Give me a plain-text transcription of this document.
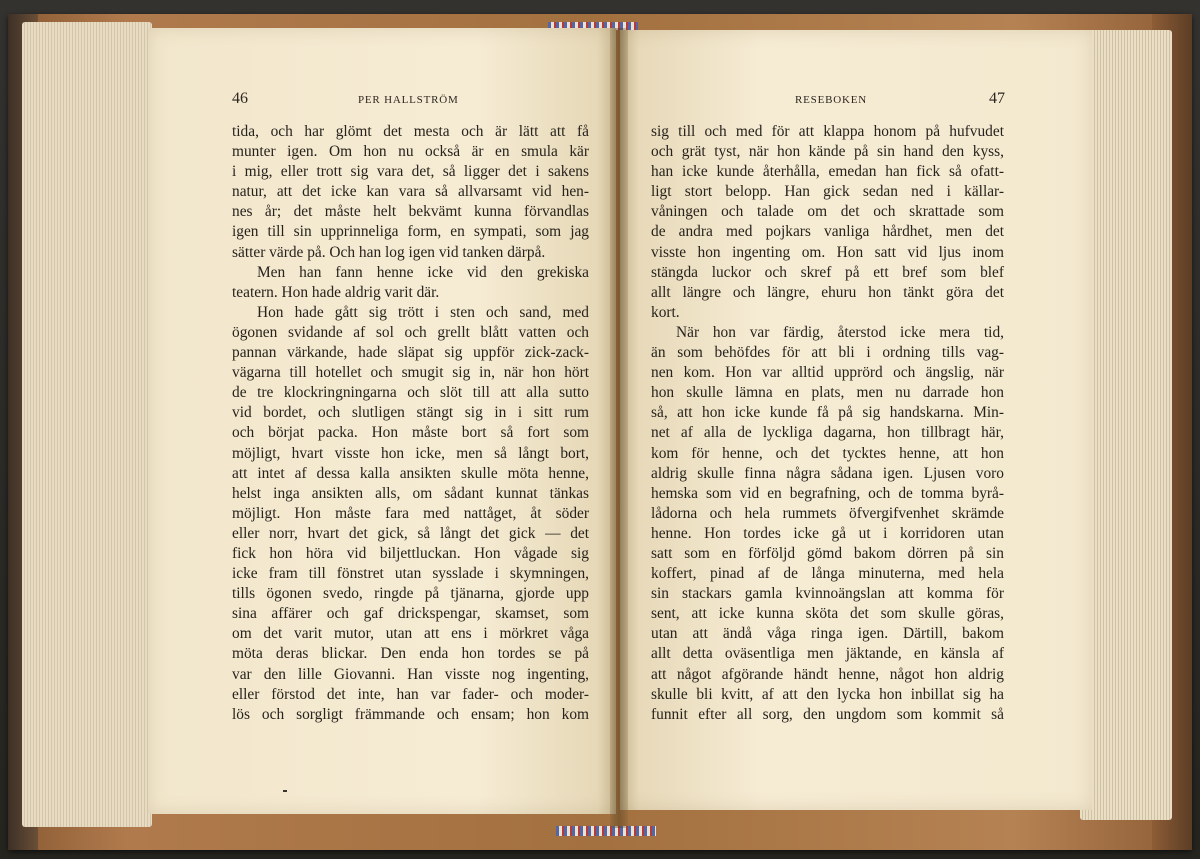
46	PER HALLSTRÖM	RESEBOKEN	47
tida, och har glömt det mesta och är lätt att få
munter igen. Om hon nu också är en smula kär
i mig, eller trott sig vara det, så ligger det i sakens
natur, att det icke kan vara så allvarsamt vid hen-
nes år; det måste helt bekvämt kunna förvandlas
igen till sin upprinneliga form, en sympati, som jag
sätter värde på. Och han log igen vid tanken därpå.
Men han fann henne icke vid den grekiska
teatern. Hon hade aldrig varit där.
Hon hade gått sig trött i sten och sand, med
ögonen svidande af sol och grellt blått vatten och
pannan värkande, hade släpat sig uppför zick-zack-
vägarna till hotellet och smugit sig in, när hon hört
de tre klockringningarna och slöt till att alla sutto
vid bordet, och slutligen stängt sig in i sitt rum
och börjat packa. Hon måste bort så fort som
möjligt, hvart visste hon icke, men så långt bort,
att intet af dessa kalla ansikten skulle möta henne,
helst inga ansikten alls, om sådant kunnat tänkas
möjligt. Hon måste fara med nattåget, åt söder
eller norr, hvart det gick, så långt det gick — det
fick hon höra vid biljettluckan. Hon vågade sig
icke fram till fönstret utan sysslade i skymningen,
tills ögonen svedo, ringde på tjänarna, gjorde upp
sina affärer och gaf drickspengar, skamset, som
om det varit mutor, utan att ens i mörkret våga
möta deras blickar. Den enda hon tordes se på
var den lille Giovanni. Han visste nog ingenting,
eller förstod det inte, han var fader- och moder-
lös och sorgligt främmande och ensam; hon kom
sig till och med för att klappa honom på hufvudet
och grät tyst, när hon kände på sin hand den kyss,
han icke kunde återhålla, emedan han fick så ofatt-
ligt stort belopp. Han gick sedan ned i källar-
våningen och talade om det och skrattade som
de andra med pojkars vanliga hårdhet, men det
visste hon ingenting om. Hon satt vid ljus inom
stängda luckor och skref på ett bref som blef
allt längre och längre, ehuru hon tänkt göra det
kort.
När hon var färdig, återstod icke mera tid,
än som behöfdes för att bli i ordning tills vag-
nen kom. Hon var alltid upprörd och ängslig, när
hon skulle lämna en plats, men nu darrade hon
så, att hon icke kunde få på sig handskarna. Min-
net af alla de lyckliga dagarna, hon tillbragt här,
kom för henne, och det tycktes henne, att hon
aldrig skulle finna några sådana igen. Ljusen voro
hemska som vid en begrafning, och de tomma byrå-
lådorna och hela rummets öfvergifvenhet skrämde
henne. Hon tordes icke gå ut i korridoren utan
satt som en förföljd gömd bakom dörren på sin
koffert, pinad af de långa minuterna, med hela
sin stackars gamla kvinnoängslan att komma för
sent, att icke kunna sköta det som skulle göras,
utan att ändå våga ringa igen. Därtill, bakom
allt detta oväsentliga men jäktande, en känsla af
att något afgörande händt henne, något hon aldrig
skulle bli kvitt, af att den lycka hon inbillat sig ha
funnit efter all sorg, den ungdom som kommit så
